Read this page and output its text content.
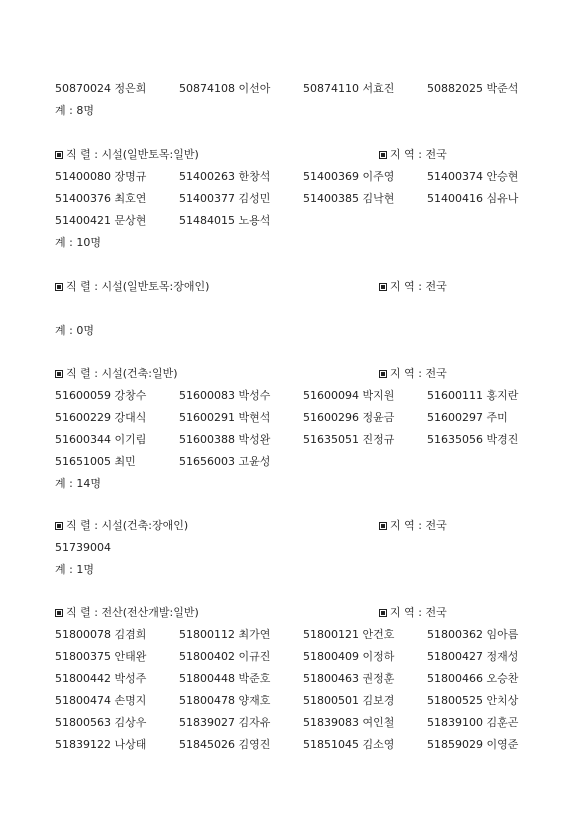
50870024 정은희	50874108 이선아	50874110 서효진	50882025 박준석
계 : 8명
직 렬 : 시설(일반토목:일반)	지 역 : 전국
51400080 장명규	51400263 한창석	51400369 이주영	51400374 안승현
51400376 최호연	51400377 김성민	51400385 김낙현	51400416 심유나
51400421 문상현	51484015 노용석
계 : 10명
직 렬 : 시설(일반토목:장애인)	지 역 : 전국
계 : 0명
직 렬 : 시설(건축:일반)	지 역 : 전국
51600059 강창수	51600083 박성수	51600094 박지원	51600111 홍지란
51600229 강대식	51600291 박현석	51600296 정윤금	51600297 주미
51600344 이기림	51600388 박성완	51635051 진정규	51635056 박경진
51651005 최민	51656003 고윤성
계 : 14명
직 렬 : 시설(건축:장애인)	지 역 : 전국
51739004
계 : 1명
직 렬 : 전산(전산개발:일반)	지 역 : 전국
51800078 김겸희	51800112 최가연	51800121 안건호	51800362 임아름
51800375 안태완	51800402 이규진	51800409 이정하	51800427 정재성
51800442 박성주	51800448 박준호	51800463 권정훈	51800466 오승찬
51800474 손명지	51800478 양재호	51800501 김보경	51800525 안치상
51800563 김상우	51839027 김자유	51839083 여인철	51839100 김훈곤
51839122 나상태	51845026 김영진	51851045 김소영	51859029 이영준
